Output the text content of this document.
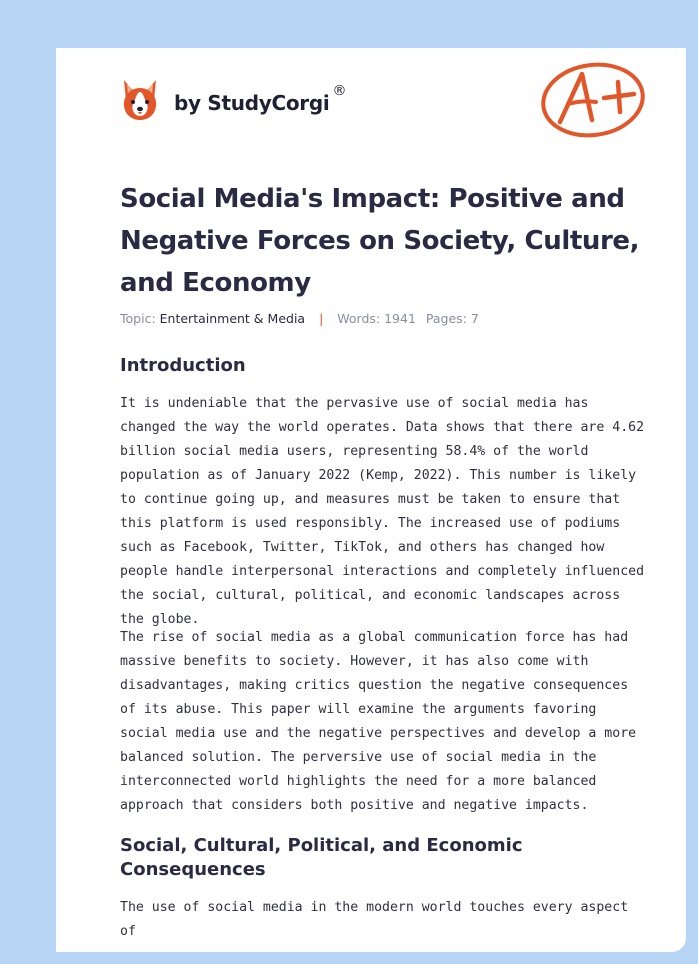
by StudyCorgi ®
Social Media's Impact: Positive and Negative Forces on Society, Culture, and Economy
Topic: Entertainment & Media | Words: 1941 Pages: 7
Introduction

It is undeniable that the pervasive use of social media has changed the way the world operates. Data shows that there are 4.62 billion social media users, representing 58.4% of the world population as of January 2022 (Kemp, 2022). This number is likely to continue going up, and measures must be taken to ensure that this platform is used responsibly. The increased use of podiums such as Facebook, Twitter, TikTok, and others has changed how people handle interpersonal interactions and completely influenced the social, cultural, political, and economic landscapes across the globe.

The rise of social media as a global communication force has had massive benefits to society. However, it has also come with disadvantages, making critics question the negative consequences of its abuse. This paper will examine the arguments favoring social media use and the negative perspectives and develop a more balanced solution. The perversive use of social media in the interconnected world highlights the need for a more balanced approach that considers both positive and negative impacts.

Social, Cultural, Political, and Economic Consequences

The use of social media in the modern world touches every aspect of
